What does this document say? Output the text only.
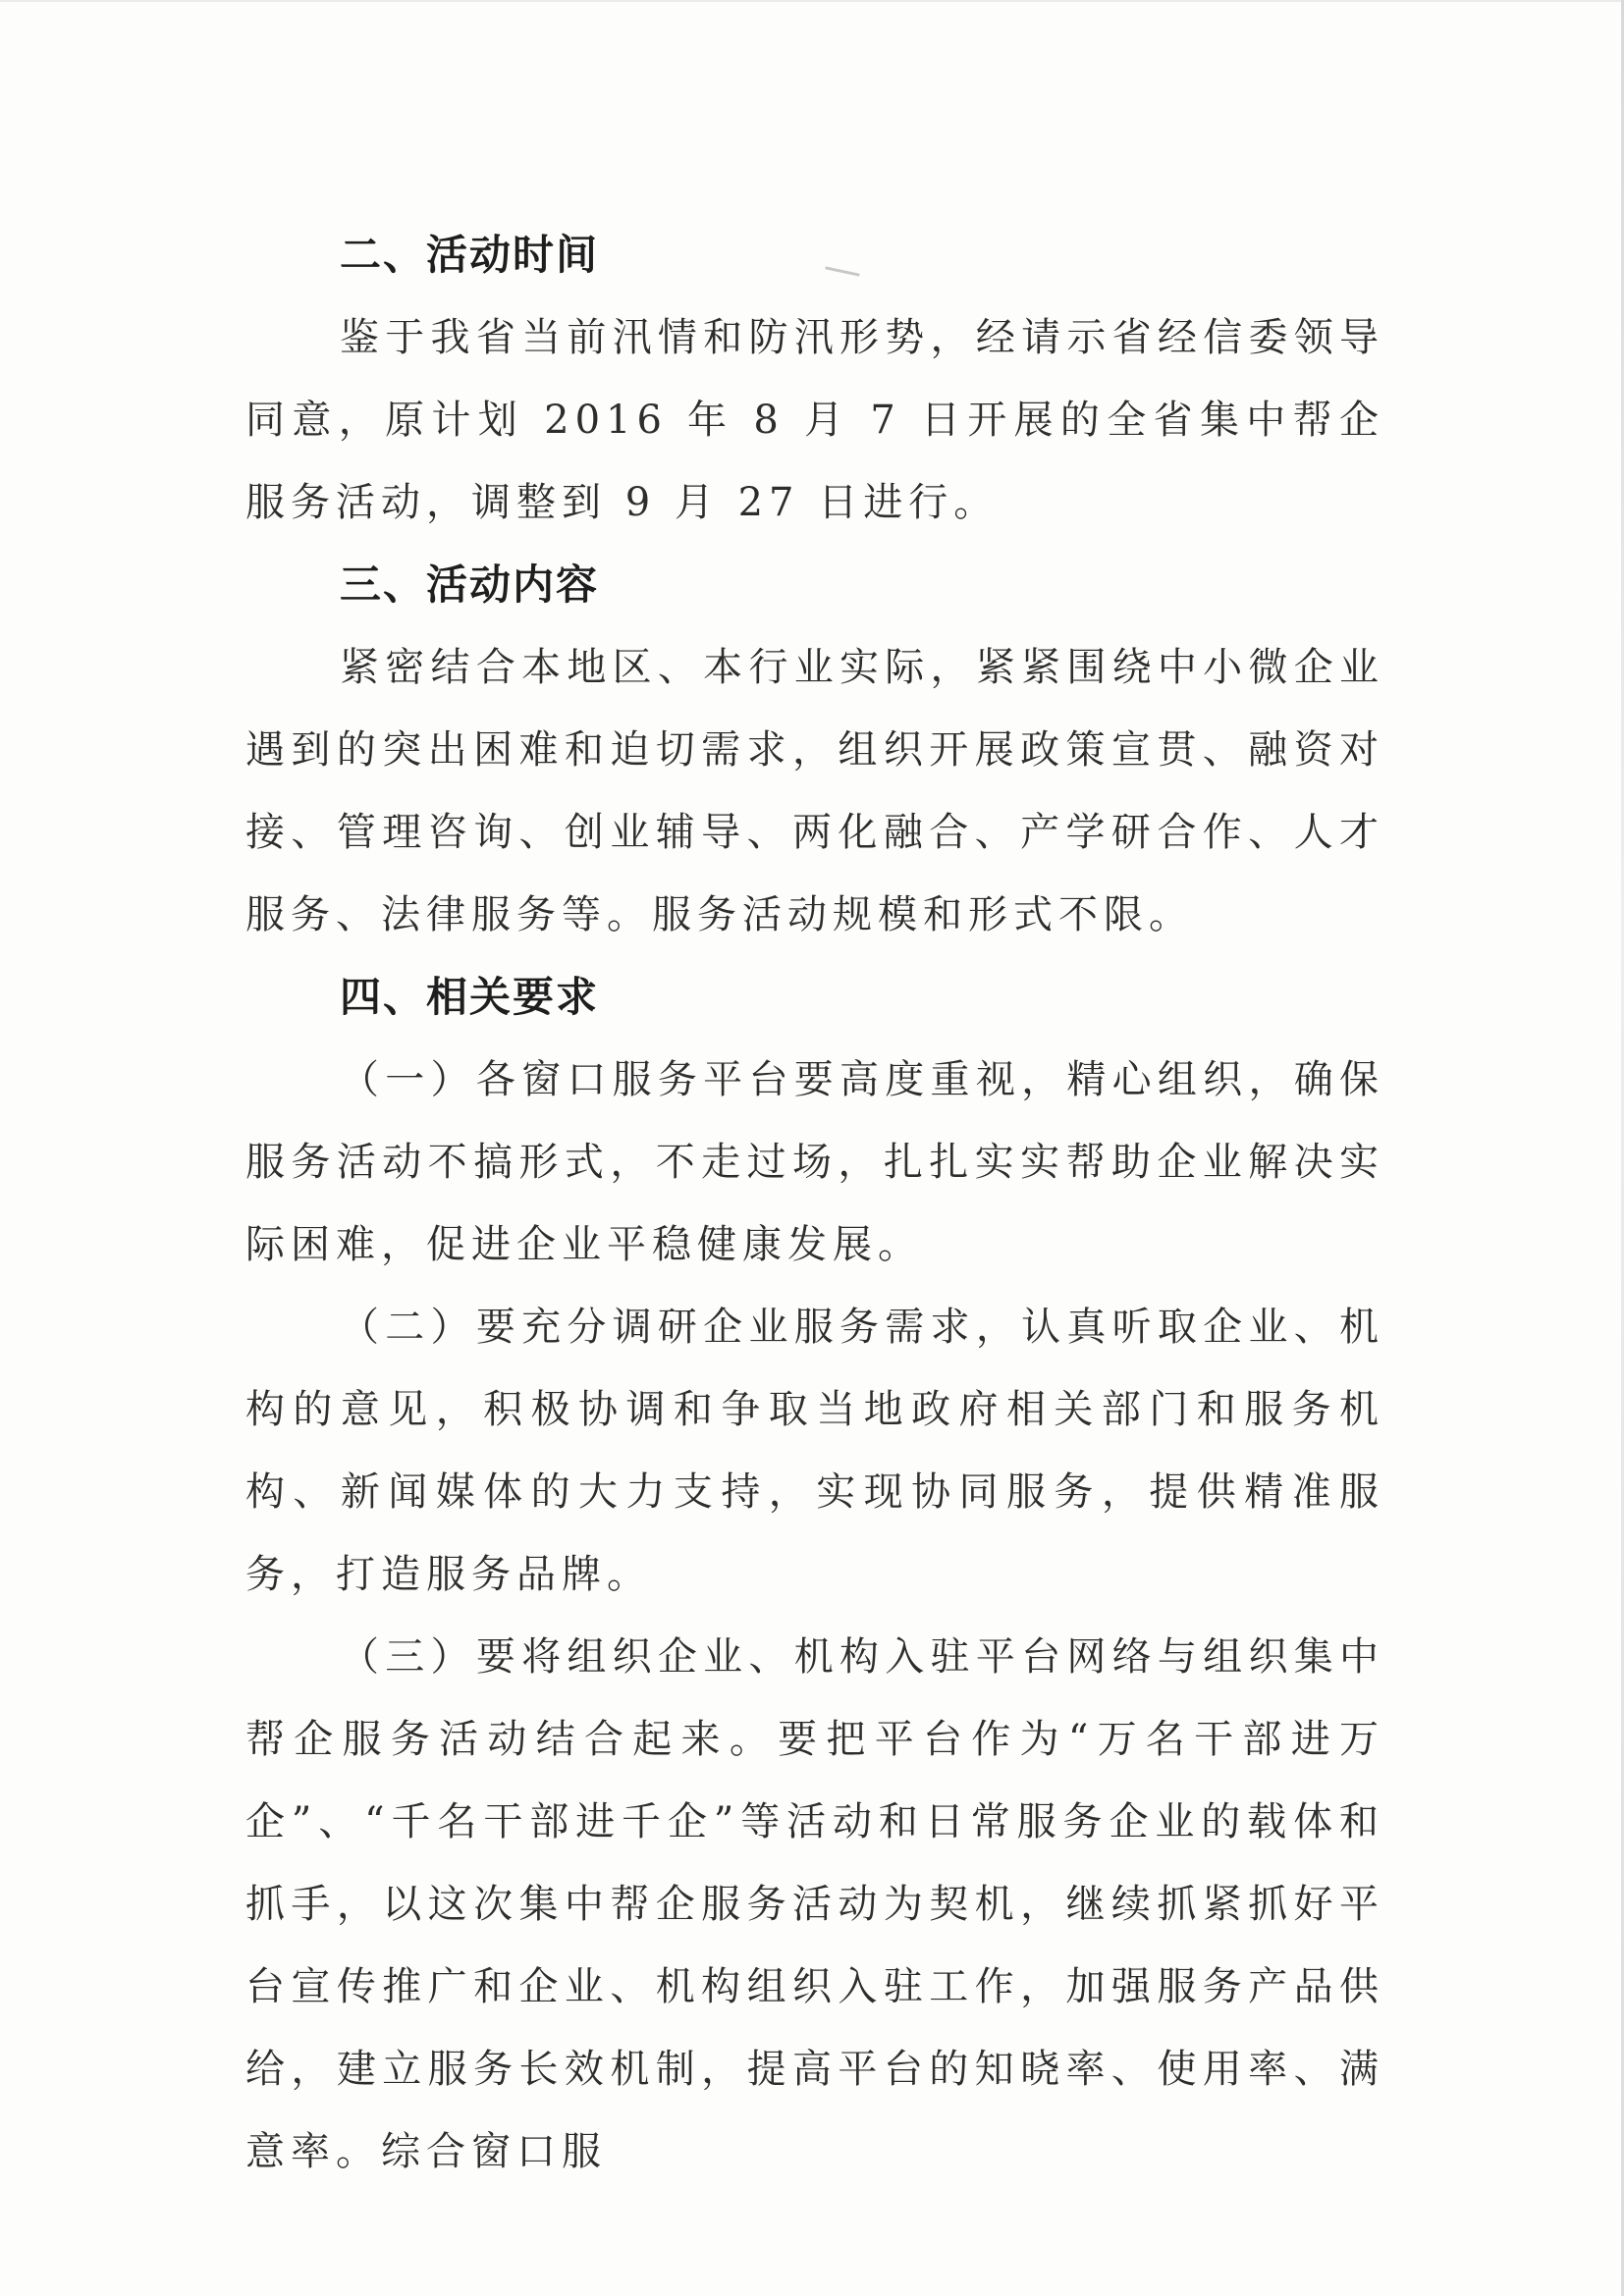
二、活动时间

鉴于我省当前汛情和防汛形势，经请示省经信委领导同意，原计划 2016 年 8 月 7 日开展的全省集中帮企服务活动，调整到 9 月 27 日进行。

三、活动内容

紧密结合本地区、本行业实际，紧紧围绕中小微企业遇到的突出困难和迫切需求，组织开展政策宣贯、融资对接、管理咨询、创业辅导、两化融合、产学研合作、人才服务、法律服务等。服务活动规模和形式不限。

四、相关要求

（一）各窗口服务平台要高度重视，精心组织，确保服务活动不搞形式，不走过场，扎扎实实帮助企业解决实际困难，促进企业平稳健康发展。

（二）要充分调研企业服务需求，认真听取企业、机构的意见，积极协调和争取当地政府相关部门和服务机构、新闻媒体的大力支持，实现协同服务，提供精准服务，打造服务品牌。

（三）要将组织企业、机构入驻平台网络与组织集中帮企服务活动结合起来。要把平台作为“万名干部进万企”、“千名干部进千企”等活动和日常服务企业的载体和抓手，以这次集中帮企服务活动为契机，继续抓紧抓好平台宣传推广和企业、机构组织入驻工作，加强服务产品供给，建立服务长效机制，提高平台的知晓率、使用率、满意率。综合窗口服
